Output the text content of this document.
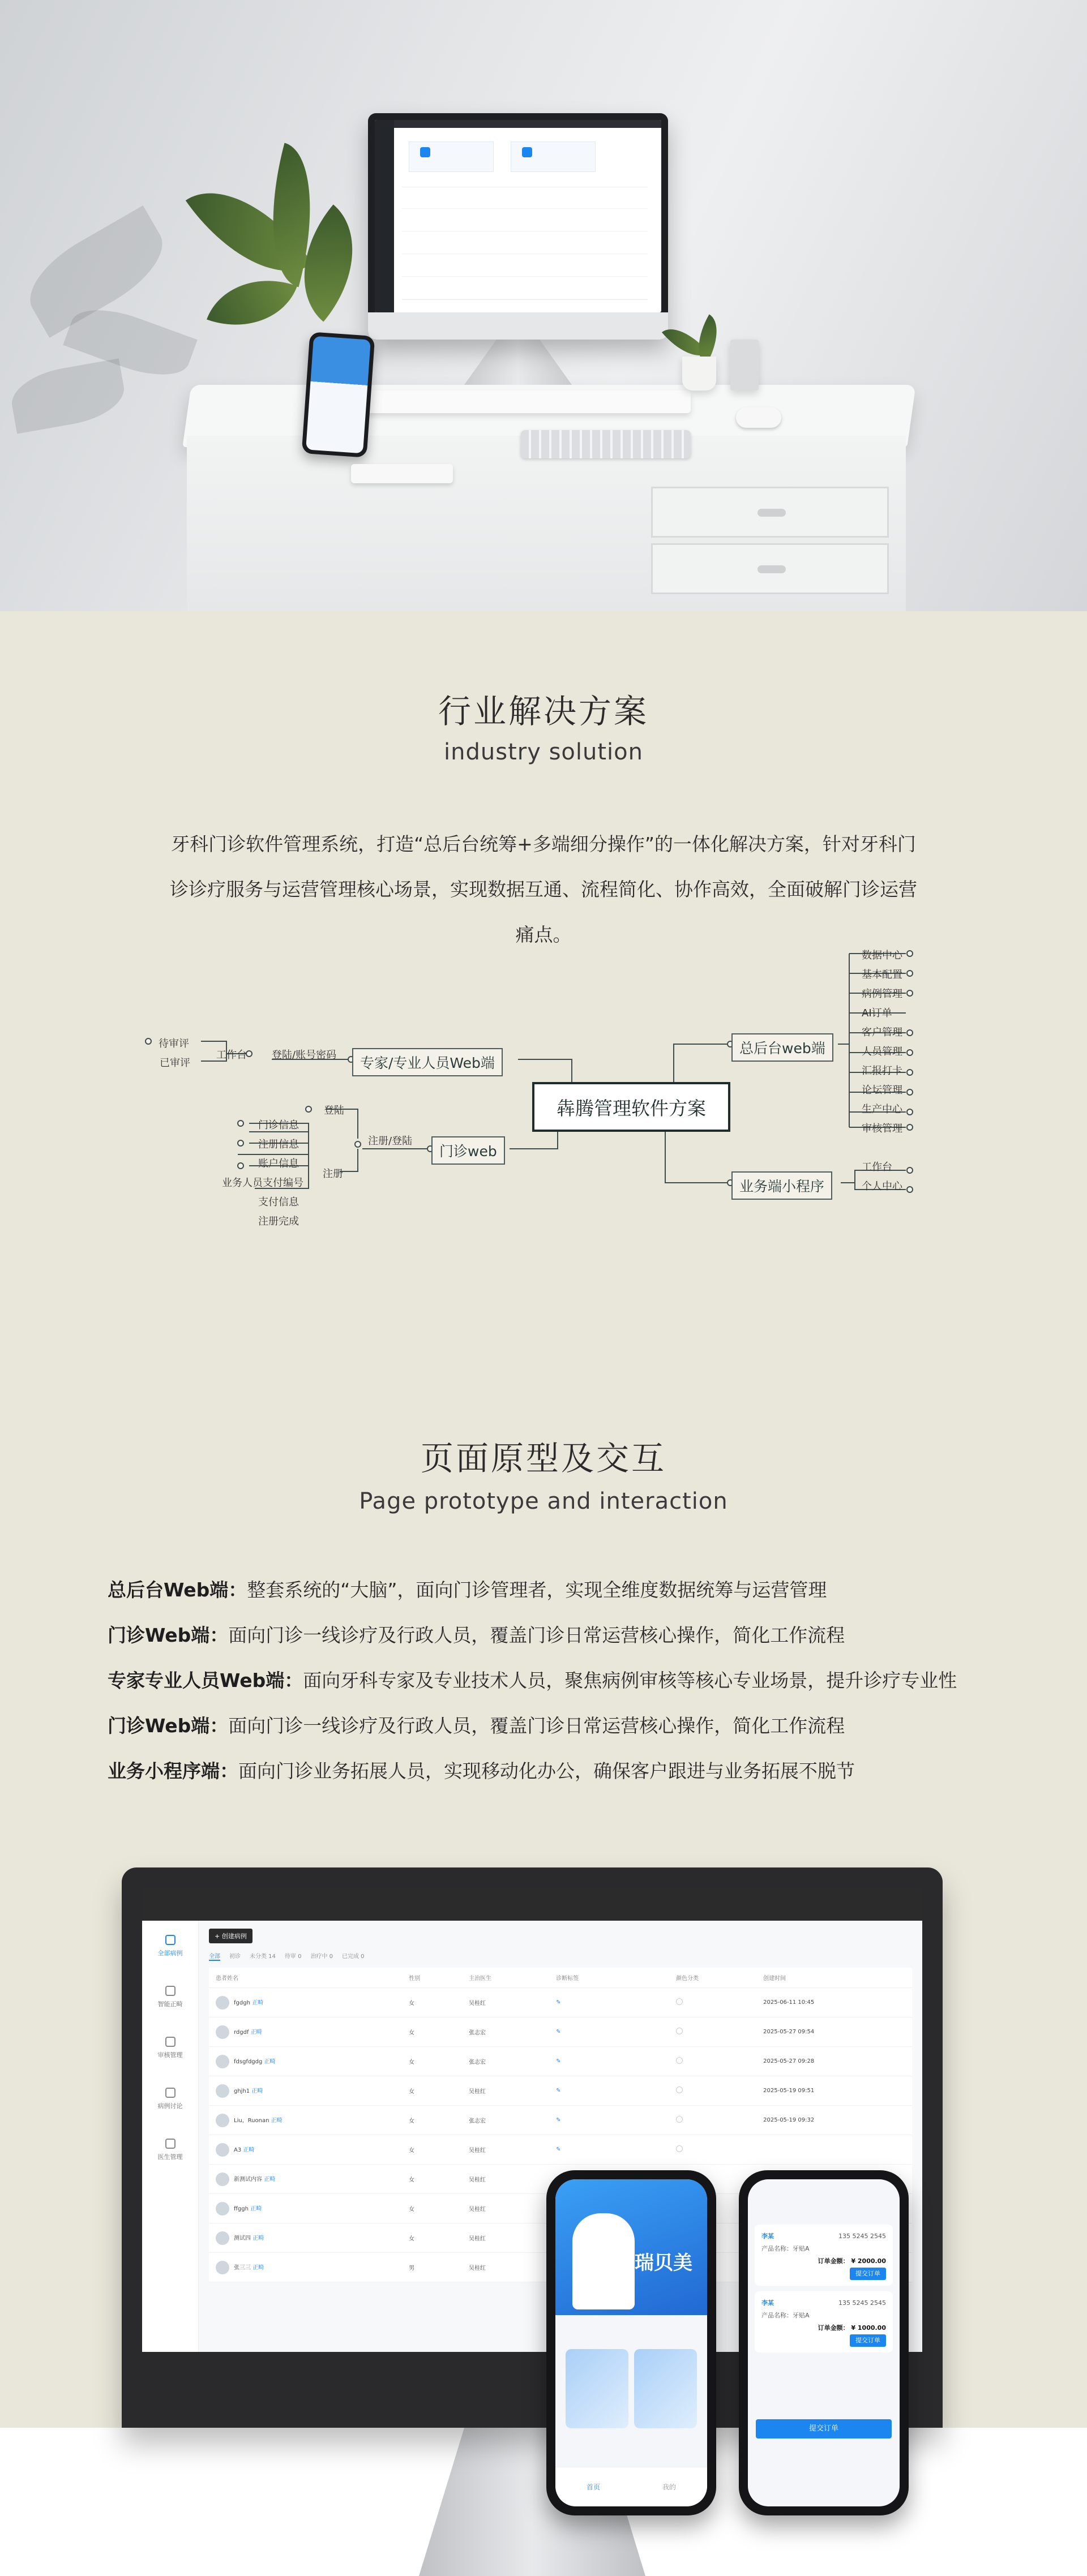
行业解决方案
industry solution
牙科门诊软件管理系统，打造“总后台统筹+多端细分操作”的一体化解决方案，针对牙科门诊诊疗服务与运营管理核心场景，实现数据互通、流程简化、协作高效，全面破解门诊运营痛点。
犇腾管理软件方案
专家/专业人员Web端
登陆/账号密码
工作台
待审评
已审评
门诊web
注册/登陆
登陆
注册
门诊信息
注册信息
账户信息
业务人员支付编号
支付信息
注册完成
总后台web端
数据中心
基本配置
病例管理
AI订单
客户管理
人员管理
汇报打卡
论坛管理
生产中心
审核管理
业务端小程序
工作台
个人中心
页面原型及交互
Page prototype and interaction
总后台Web端：整套系统的“大脑”，面向门诊管理者，实现全维度数据统筹与运营管理
门诊Web端：面向门诊一线诊疗及行政人员，覆盖门诊日常运营核心操作，简化工作流程
专家专业人员Web端：面向牙科专家及专业技术人员，聚焦病例审核等核心专业场景，提升诊疗专业性
门诊Web端：面向门诊一线诊疗及行政人员，覆盖门诊日常运营核心操作，简化工作流程
业务小程序端：面向门诊业务拓展人员，实现移动化办公，确保客户跟进与业务拓展不脱节
全部病例
智能正畸
审核管理
病例讨论
医生管理
+ 创建病例
全部 初诊 未分类 14 待审 0 治疗中 0 已完成 0
患者姓名	性别	主治医生	诊断标签		颜色分类	创建时间
fgdgh 正畸	女	吴桂红	✎			2025-06-11 10:45
rdgdf 正畸	女	张志宏	✎			2025-05-27 09:54
fdsgfdgdg 正畸	女	张志宏	✎			2025-05-27 09:28
ghjh1 正畸	女	吴桂红	✎			2025-05-19 09:51
Liu，Ruonan 正畸	女	张志宏	✎			2025-05-19 09:32
A3 正畸	女	吴桂红	✎			
新测试内容 正畸	女	吴桂红				
ffggh 正畸	女	吴桂红				
测试四 正畸	女	吴桂红				
张三三 正畸	男	吴桂红					瑞贝美
首页	我的
李某	135 5245 2545
产品名称：牙贴A
订单金额： ¥ 2000.00
提交订单
李某	135 5245 2545
产品名称：牙贴A
订单金额： ¥ 1000.00
提交订单
提交订单
